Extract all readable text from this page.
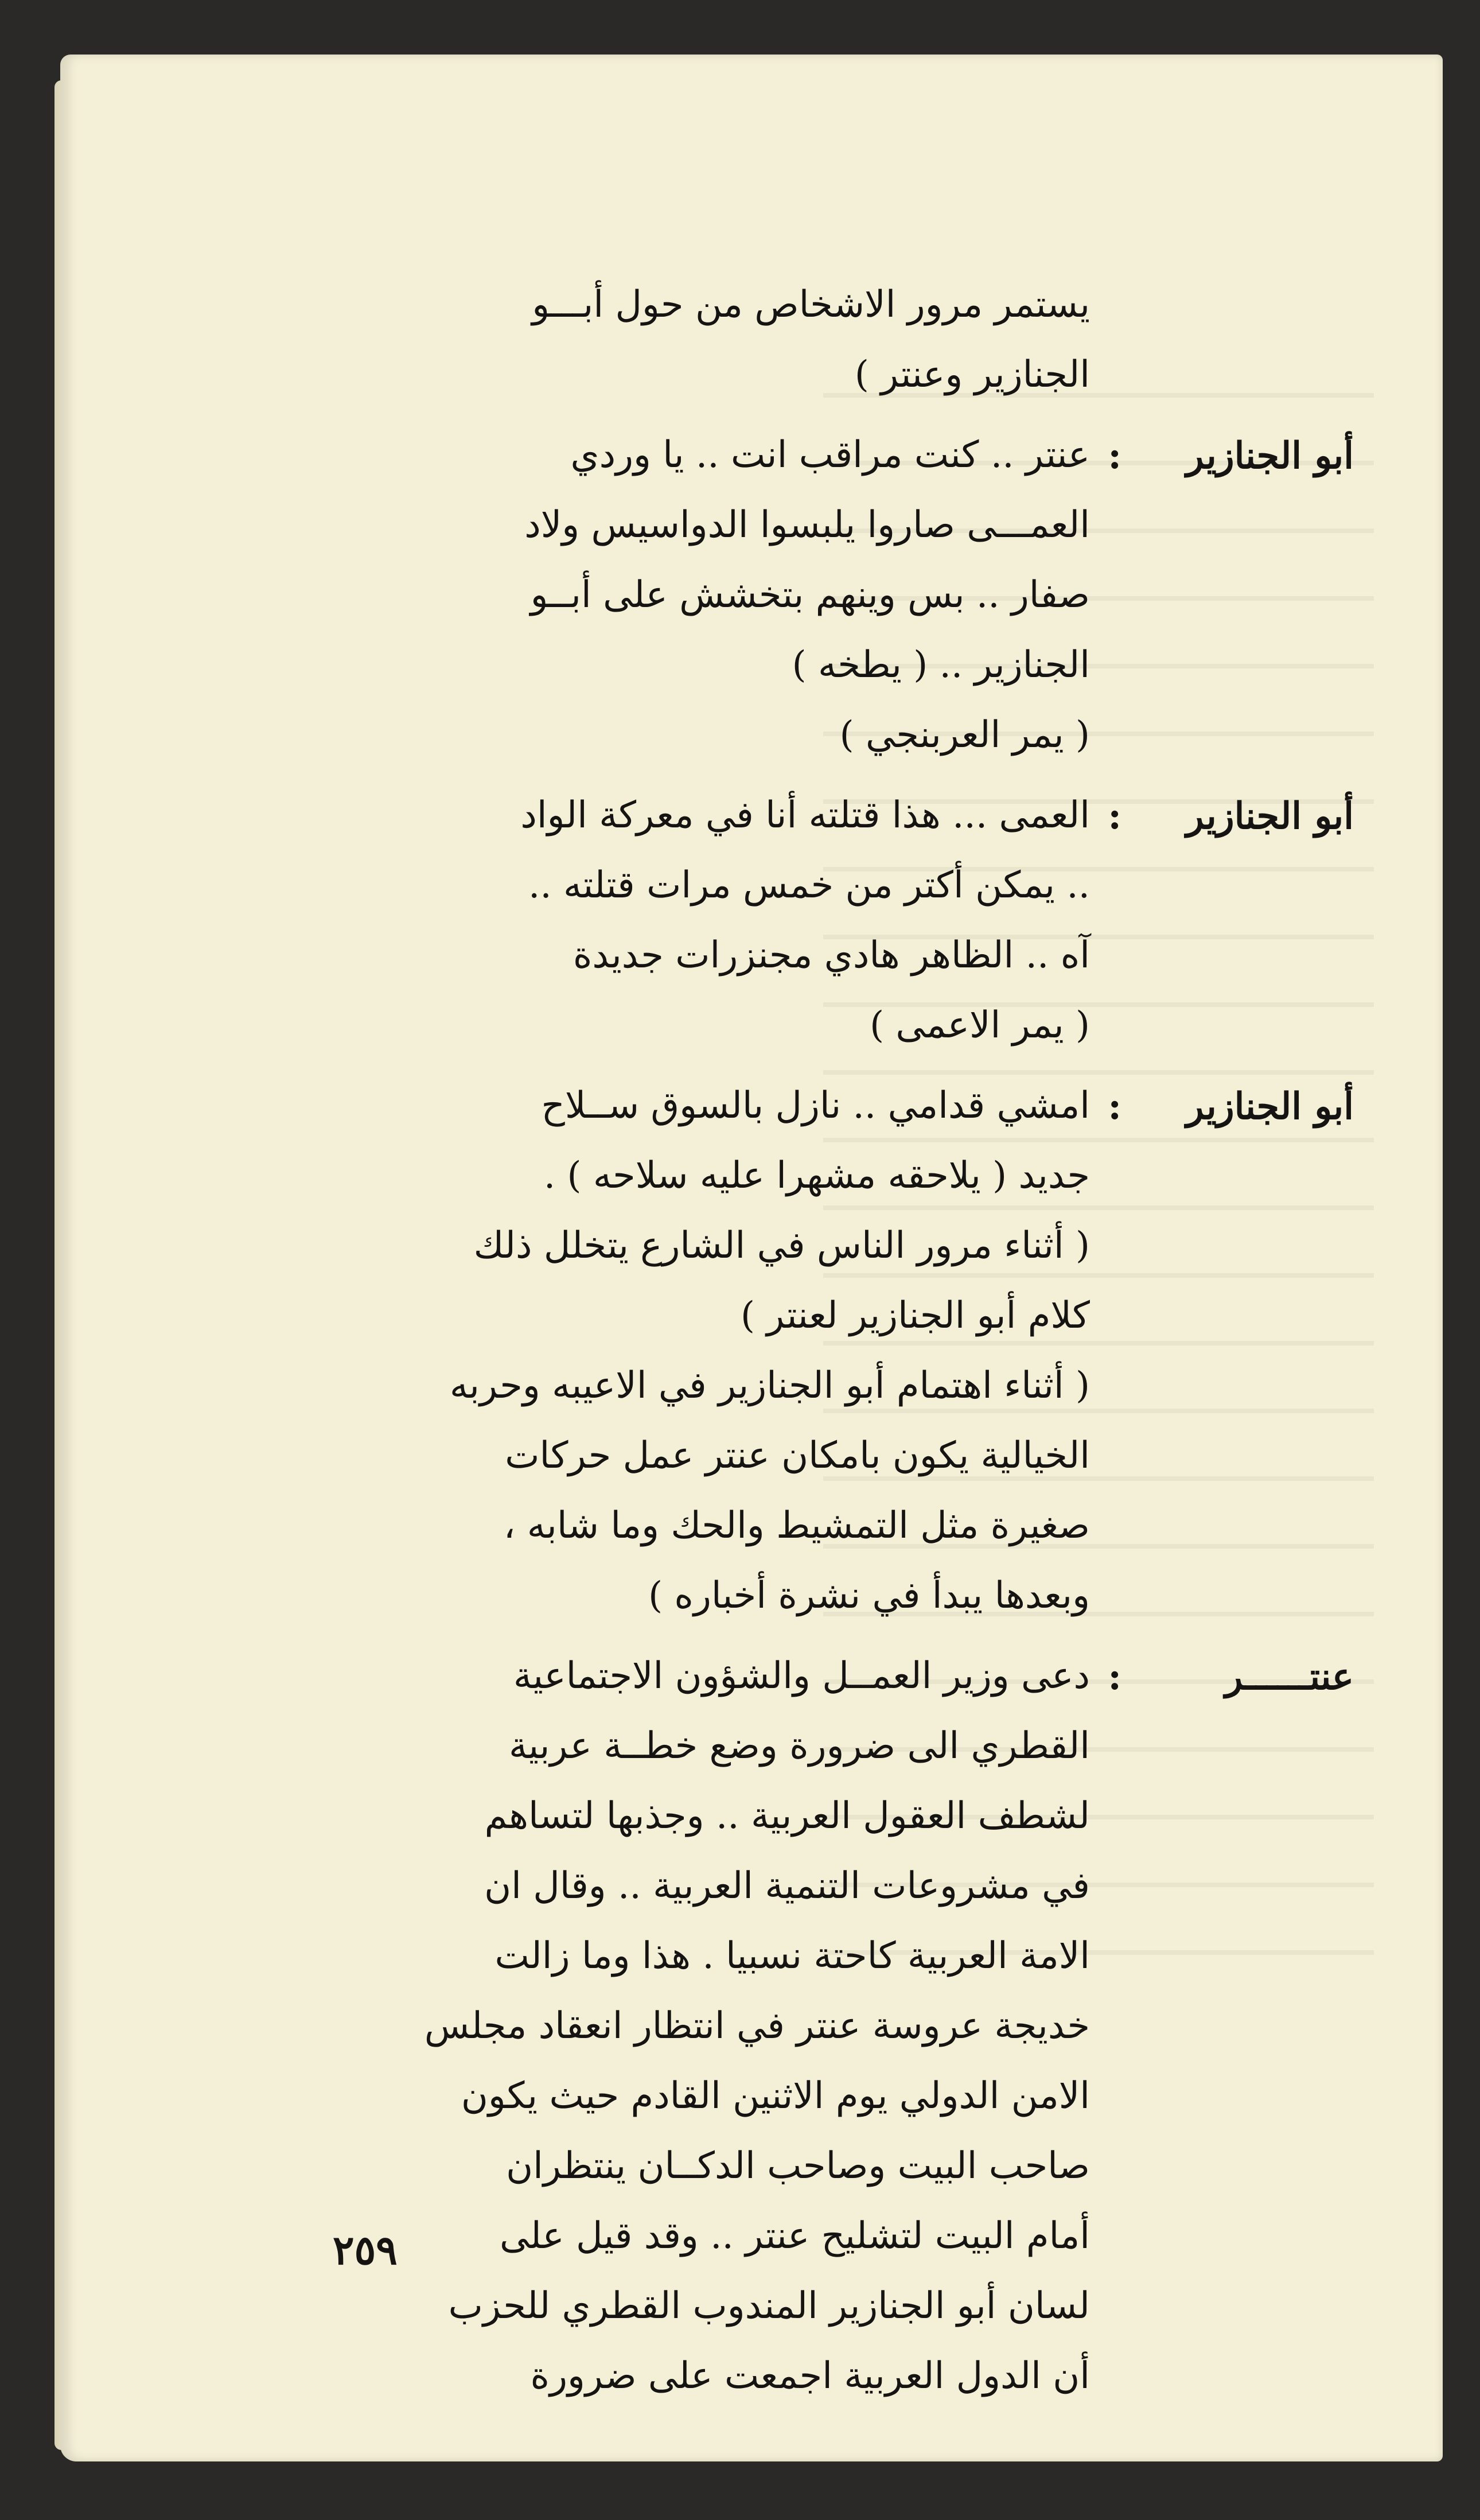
يستمر مرور الاشخاص من حول أبـــو
الجنازير وعنتر )
أبو الجنازير
:
عنتر .. كنت مراقب انت .. يا وردي
العمـــى صاروا يلبسوا الدواسيس ولاد
صفار .. بس وينهم بتخشش على أبــو
الجنازير .. ( يطخه )
( يمر العربنجي )
أبو الجنازير
:
العمى ... هذا قتلته أنا في معركة الواد
.. يمكن أكتر من خمس مرات قتلته ..
آه .. الظاهر هادي مجنزرات جديدة
( يمر الاعمى )
أبو الجنازير
:
امشي قدامي .. نازل بالسوق ســلاح
جديد ( يلاحقه مشهرا عليه سلاحه ) .
( أثناء مرور الناس في الشارع يتخلل ذلك
كلام أبو الجنازير لعنتر )
( أثناء اهتمام أبو الجنازير في الاعيبه وحربه
الخيالية يكون بامكان عنتر عمل حركات
صغيرة مثل التمشيط والحك وما شابه ،
وبعدها يبدأ في نشرة أخباره )
عنتــــــر
:
دعى وزير العمــل والشؤون الاجتماعية
القطري الى ضرورة وضع خطــة عربية
لشطف العقول العربية .. وجذبها لتساهم
في مشروعات التنمية العربية .. وقال ان
الامة العربية كاحتة نسبيا . هذا وما زالت
خديجة عروسة عنتر في انتظار انعقاد مجلس
الامن الدولي يوم الاثنين القادم حيث يكون
صاحب البيت وصاحب الدكــان ينتظران
أمام البيت لتشليح عنتر .. وقد قيل على
لسان أبو الجنازير المندوب القطري للحزب
أن الدول العربية اجمعت على ضرورة
٢٥٩
